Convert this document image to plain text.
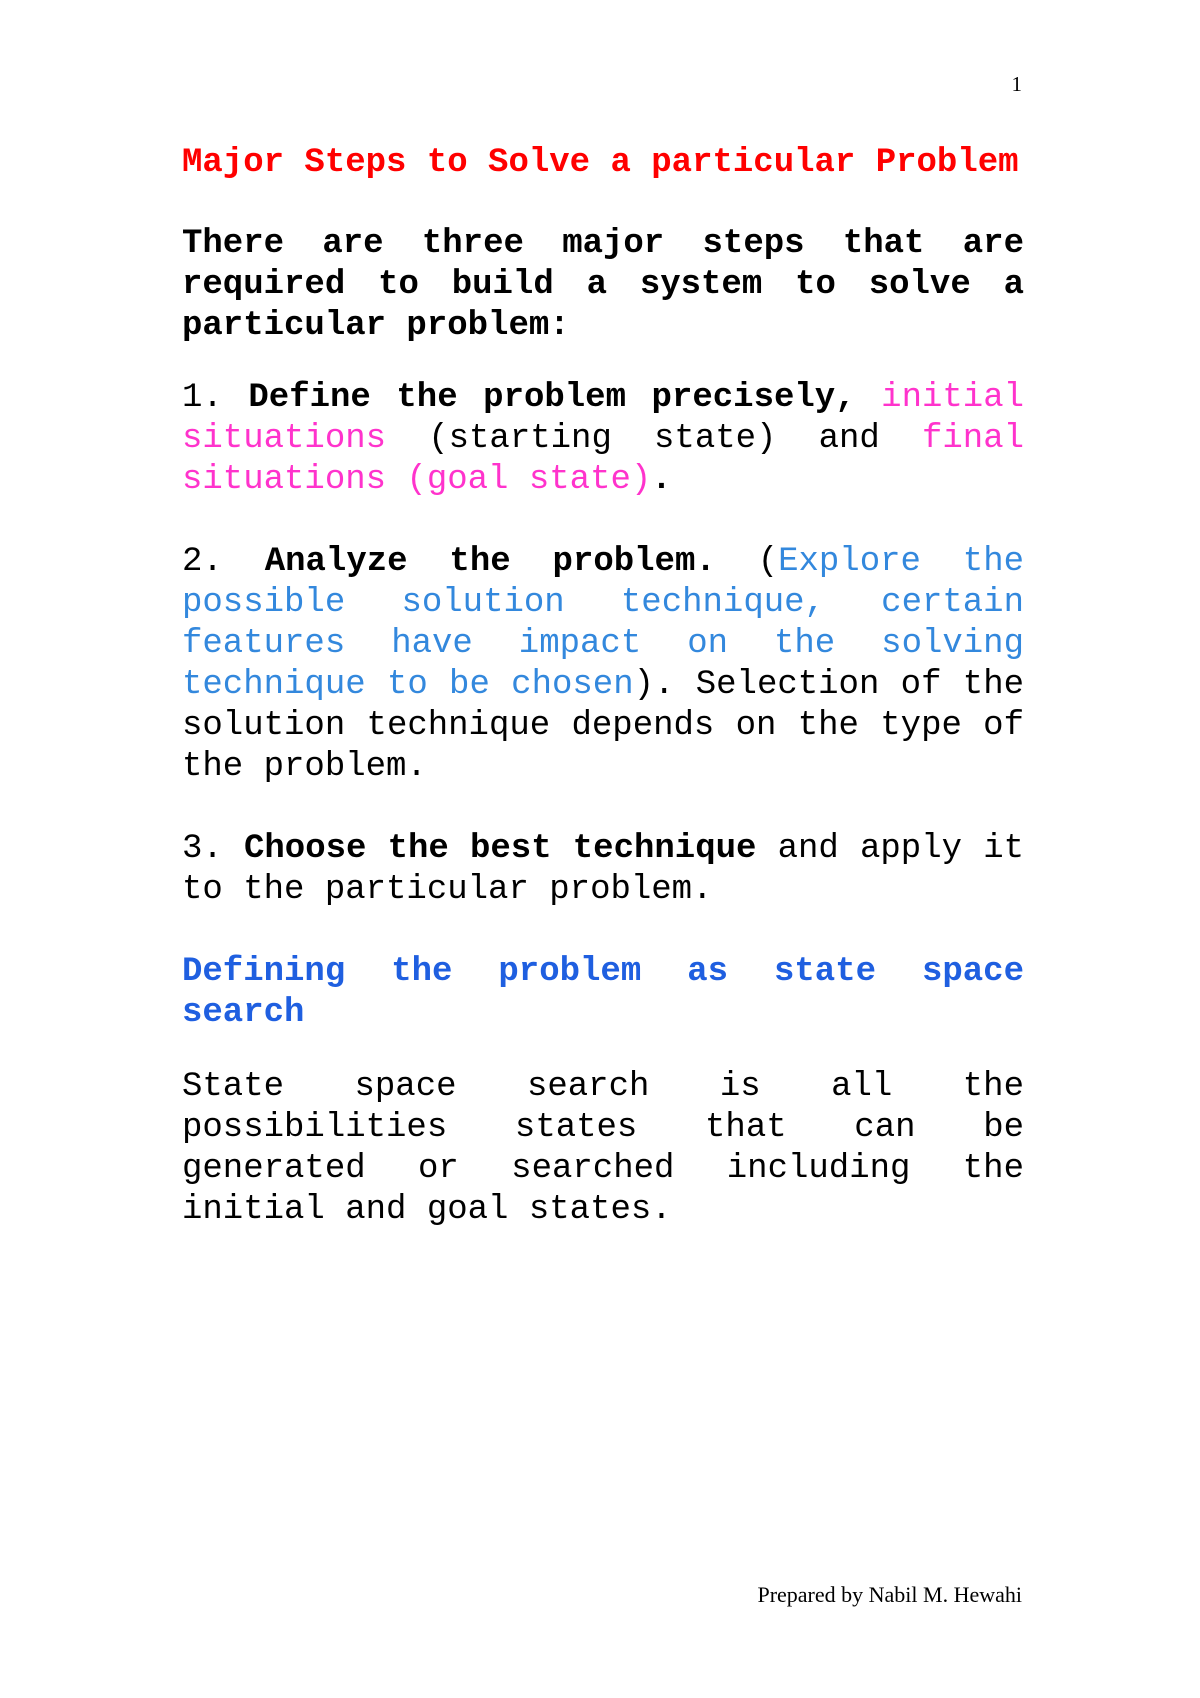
1

Major Steps to Solve a particular Problem

There are three major steps that are required to build a system to solve a particular problem:

1. Define the problem precisely, initial situations (starting state) and final situations (goal state).

2. Analyze the problem. (Explore the possible solution technique, certain features have impact on the solving technique to be chosen). Selection of the solution technique depends on the type of the problem.

3. Choose the best technique and apply it to the particular problem.

Defining the problem as state space search

State space search is all the possibilities states that can be generated or searched including the initial and goal states.

Prepared by Nabil M. Hewahi
